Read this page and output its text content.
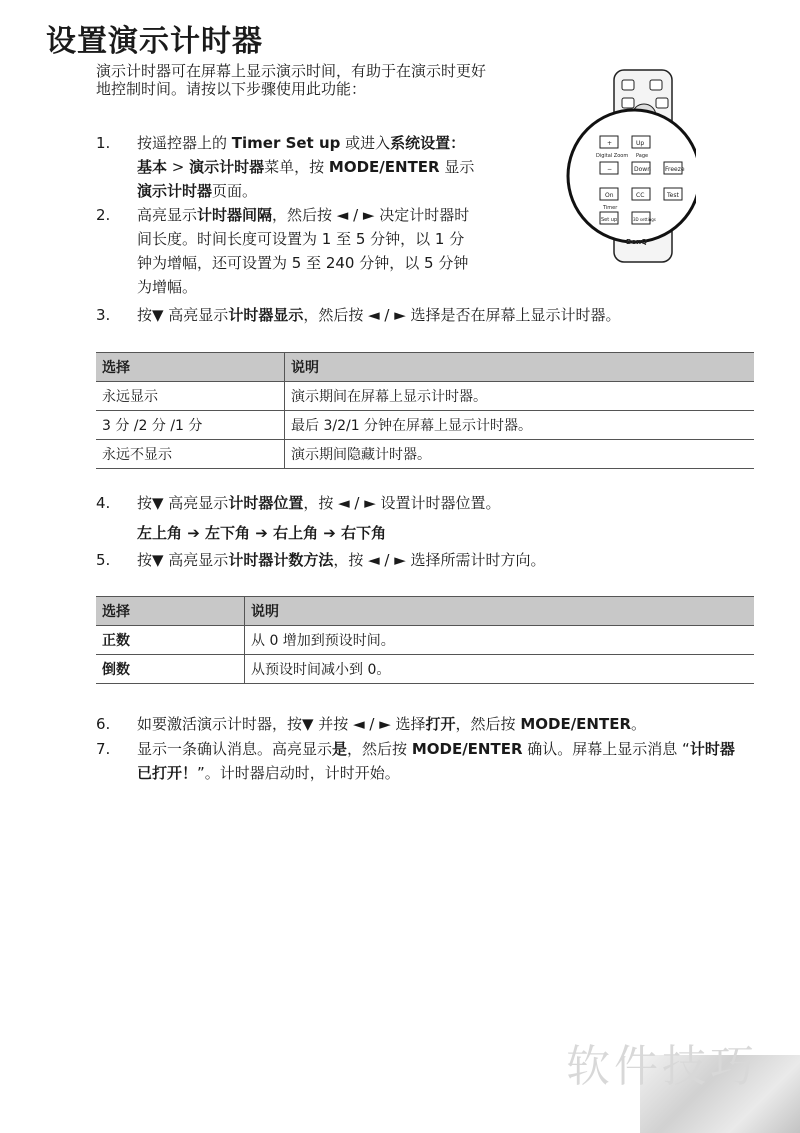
设置演示计时器
演示计时器可在屏幕上显示演示时间，有助于在演示时更好地控制时间。请按以下步骤使用此功能：
+	Up
Digital Zoom Page
−	Down Freeze
On	CC	Test
Timer
Set up	3D settings
BenQ
1. 按遥控器上的 Timer Set up 或进入系统设置：基本 > 演示计时器菜单，按 MODE/ENTER 显示演示计时器页面。
2. 高亮显示计时器间隔，然后按 ◄ / ► 决定计时器时间长度。时间长度可设置为 1 至 5 分钟，以 1 分钟为增幅，还可设置为 5 至 240 分钟，以 5 分钟为增幅。
3. 按▼ 高亮显示计时器显示，然后按 ◄ / ► 选择是否在屏幕上显示计时器。
选择	说明
永远显示	演示期间在屏幕上显示计时器。
3 分 /2 分 /1 分	最后 3/2/1 分钟在屏幕上显示计时器。
永远不显示	演示期间隐藏计时器。
4. 按▼ 高亮显示计时器位置，按 ◄ / ► 设置计时器位置。
左上角 ➔ 左下角 ➔ 右上角 ➔ 右下角
5. 按▼ 高亮显示计时器计数方法，按 ◄ / ► 选择所需计时方向。
选择	说明
正数	从 0 增加到预设时间。
倒数	从预设时间减小到 0。
6. 如要激活演示计时器，按▼ 并按 ◄ / ► 选择打开，然后按 MODE/ENTER。
7. 显示一条确认消息。高亮显示是，然后按 MODE/ENTER 确认。屏幕上显示消息 “计时器已打开！”。计时器启动时，计时开始。
软件技巧
